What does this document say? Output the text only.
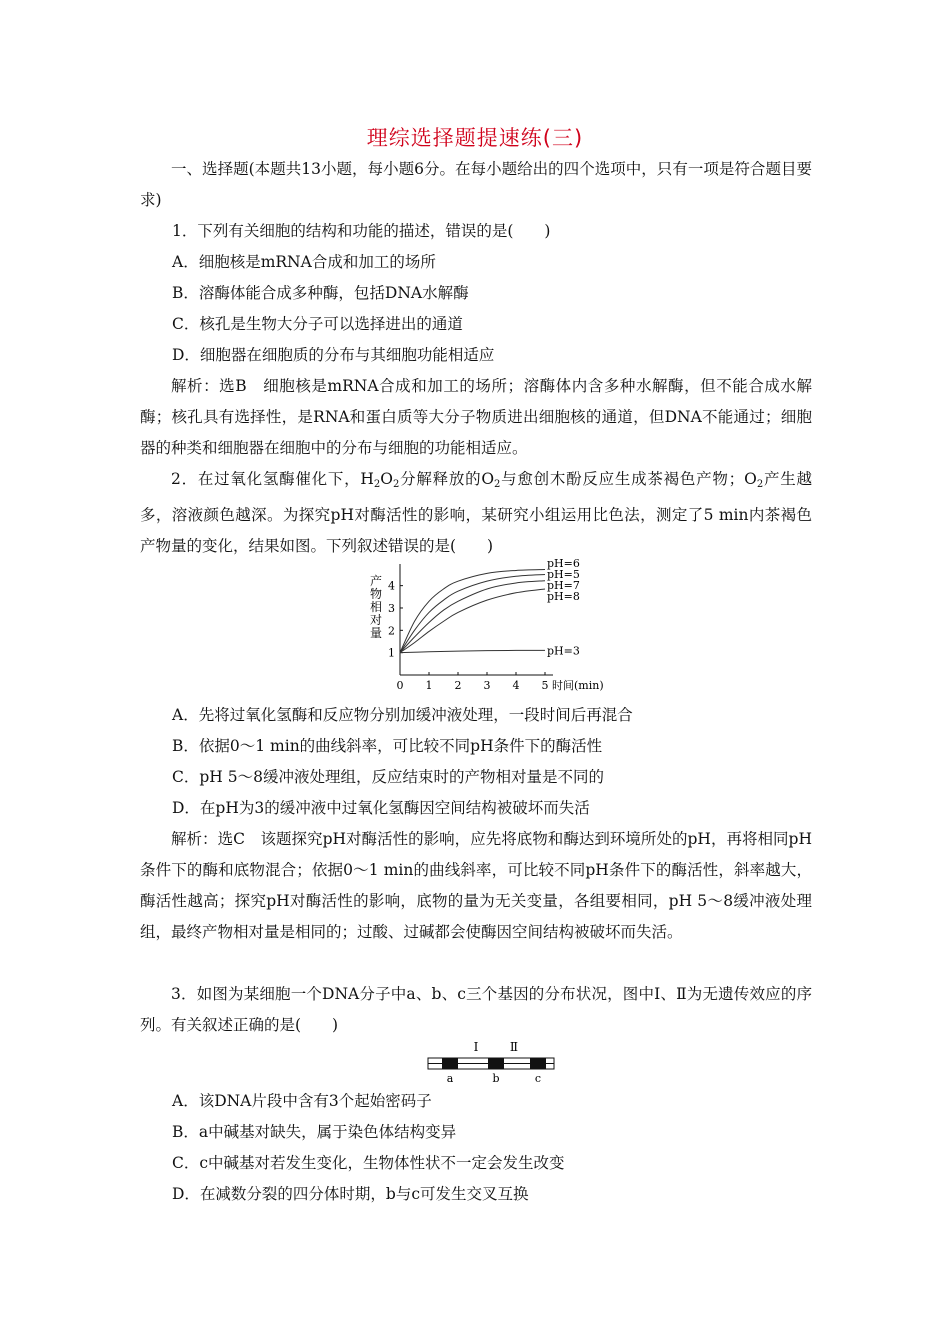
理综选择题提速练(三)
一、选择题(本题共13小题，每小题6分。在每小题给出的四个选项中，只有一项是符合题目要求)
1．下列有关细胞的结构和功能的描述，错误的是(　　)
A．细胞核是mRNA合成和加工的场所
B．溶酶体能合成多种酶，包括DNA水解酶
C．核孔是生物大分子可以选择进出的通道
D．细胞器在细胞质的分布与其细胞功能相适应
解析：选B　细胞核是mRNA合成和加工的场所；溶酶体内含多种水解酶，但不能合成水解酶；核孔具有选择性，是RNA和蛋白质等大分子物质进出细胞核的通道，但DNA不能通过；细胞器的种类和细胞器在细胞中的分布与细胞的功能相适应。
2．在过氧化氢酶催化下，$H_2O_2$分解释放的$O_2$与愈创木酚反应生成茶褐色产物；$O_2$产生越多，溶液颜色越深。为探究pH对酶活性的影响，某研究小组运用比色法，测定了5 min内茶褐色产物量的变化，结果如图。下列叙述错误的是(　　)
0 1 2 3 4 5 时间(min)
1
2
3
4
产
物
相
对
量
pH=6
pH=5
pH=7
pH=8
pH=3
A．先将过氧化氢酶和反应物分别加缓冲液处理，一段时间后再混合
B．依据0～1 min的曲线斜率，可比较不同pH条件下的酶活性
C．pH 5～8缓冲液处理组，反应结束时的产物相对量是不同的
D．在pH为3的缓冲液中过氧化氢酶因空间结构被破坏而失活
解析：选C　该题探究pH对酶活性的影响，应先将底物和酶达到环境所处的pH，再将相同pH条件下的酶和底物混合；依据0～1 min的曲线斜率，可比较不同pH条件下的酶活性，斜率越大，酶活性越高；探究pH对酶活性的影响，底物的量为无关变量，各组要相同，pH 5～8缓冲液处理组，最终产物相对量是相同的；过酸、过碱都会使酶因空间结构被破坏而失活。
3．如图为某细胞一个DNA分子中a、b、c三个基因的分布状况，图中Ⅰ、Ⅱ为无遗传效应的序列。有关叙述正确的是(　　)
Ⅰ	Ⅱ
a	b	c
A．该DNA片段中含有3个起始密码子
B．a中碱基对缺失，属于染色体结构变异
C．c中碱基对若发生变化，生物体性状不一定会发生改变
D．在减数分裂的四分体时期，b与c可发生交叉互换
